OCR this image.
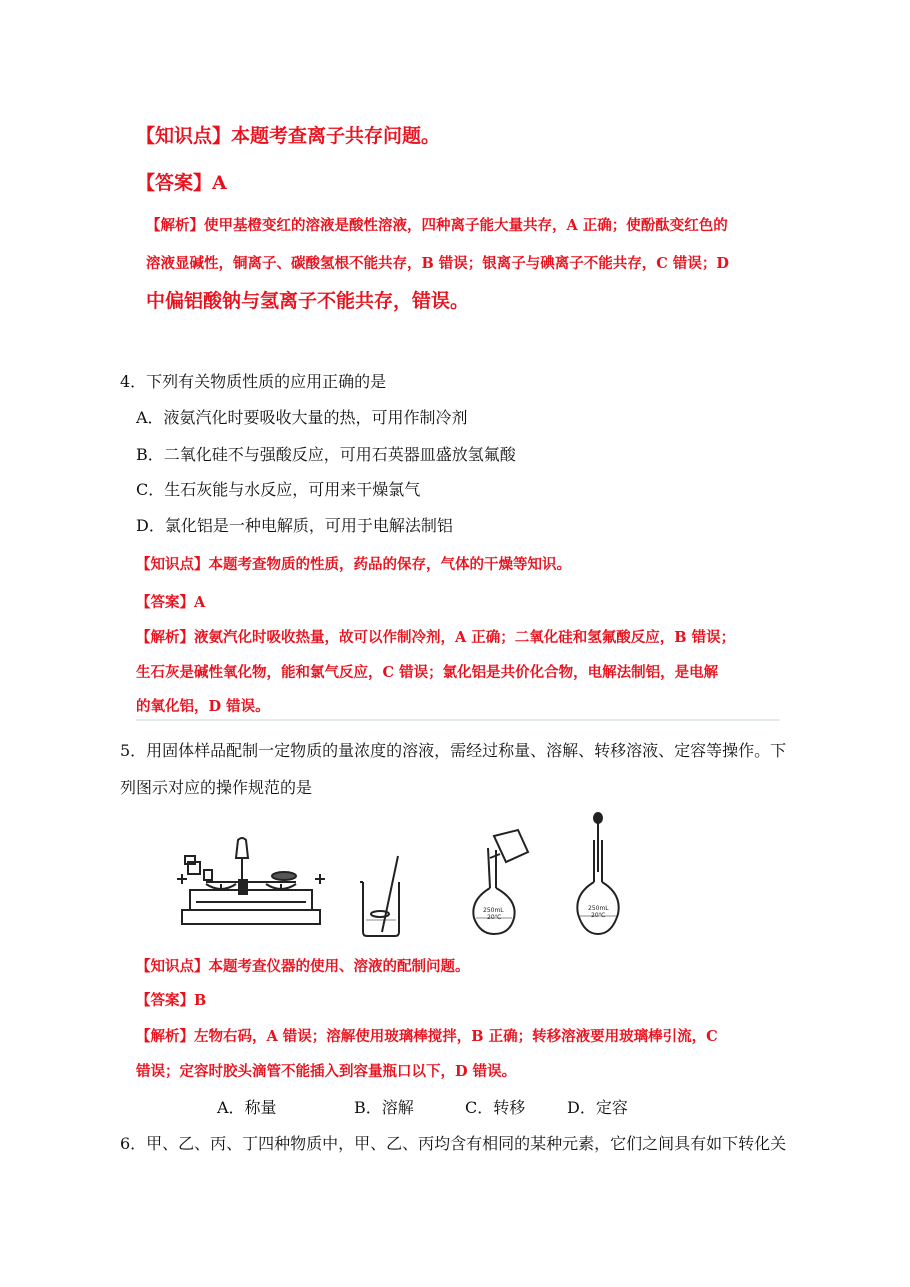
【知识点】本题考查离子共存问题。
【答案】A
【解析】使甲基橙变红的溶液是酸性溶液，四种离子能大量共存，A 正确；使酚酞变红色的
溶液显碱性，铜离子、碳酸氢根不能共存，B 错误；银离子与碘离子不能共存，C 错误；D
中偏铝酸钠与氢离子不能共存，错误。
4．下列有关物质性质的应用正确的是
A．液氨汽化时要吸收大量的热，可用作制冷剂
B．二氧化硅不与强酸反应，可用石英器皿盛放氢氟酸
C．生石灰能与水反应，可用来干燥氯气
D．氯化铝是一种电解质，可用于电解法制铝
【知识点】本题考查物质的性质，药品的保存，气体的干燥等知识。
【答案】A
【解析】液氨汽化时吸收热量，故可以作制冷剂，A 正确；二氧化硅和氢氟酸反应，B 错误；
生石灰是碱性氧化物，能和氯气反应，C 错误；氯化铝是共价化合物，电解法制铝，是电解
的氧化铝，D 错误。
5．用固体样品配制一定物质的量浓度的溶液，需经过称量、溶解、转移溶液、定容等操作。下
列图示对应的操作规范的是
250mL
20℃
250mL
20℃
【知识点】本题考查仪器的使用、溶液的配制问题。
【答案】B
【解析】左物右码，A 错误；溶解使用玻璃棒搅拌，B 正确；转移溶液要用玻璃棒引流，C
错误；定容时胶头滴管不能插入到容量瓶口以下，D 错误。
A．称量	B．溶解	C．转移	D．定容
6．甲、乙、丙、丁四种物质中，甲、乙、丙均含有相同的某种元素，它们之间具有如下转化关
